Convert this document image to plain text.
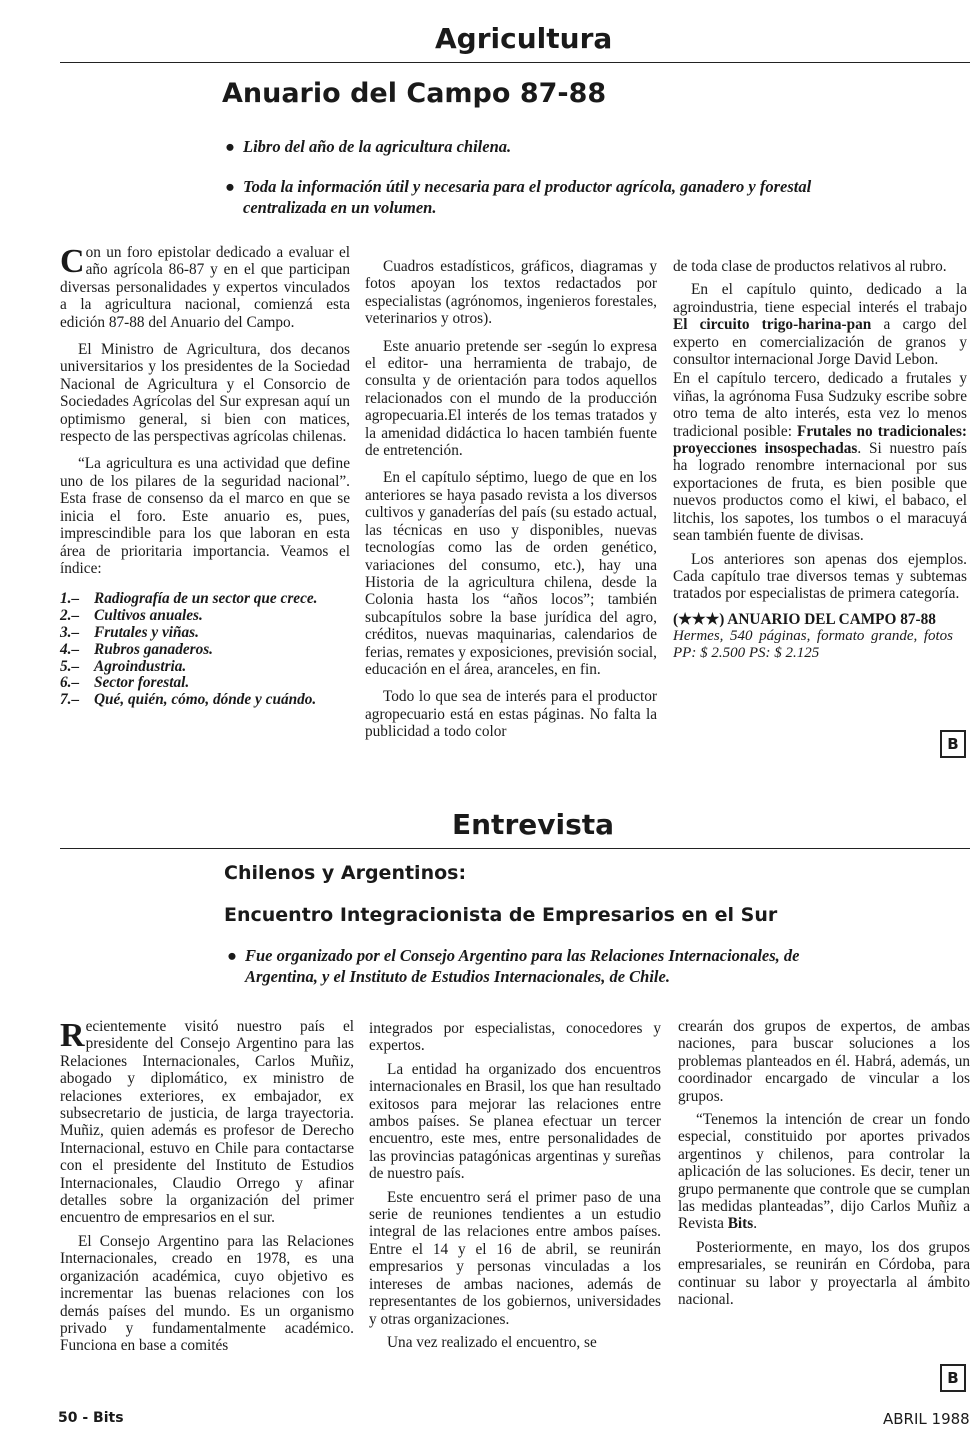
Agricultura
Anuario del Campo 87-88
● Libro del año de la agricultura chilena.
● Toda la información útil y necesaria para el productor agrícola, ganadero y forestal centralizada en un volumen.

Con un foro epistolar dedicado a evaluar el año agrícola 86-87 y en el que participan diversas personalidades y expertos vinculados a la agricultura nacional, comienzá esta edición 87-88 del Anuario del Campo.

El Ministro de Agricultura, dos decanos universitarios y los presidentes de la Sociedad Nacional de Agricultura y el Consorcio de Sociedades Agrícolas del Sur expresan aquí un optimismo general, si bien con matices, respecto de las perspectivas agrícolas chilenas.

“La agricultura es una actividad que define uno de los pilares de la seguridad nacional”. Esta frase de consenso da el marco en que se inicia el foro. Este anuario es, pues, imprescindible para los que laboran en esta área de prioritaria importancia. Veamos el índice:

1.– Radiografía de un sector que crece.
2.– Cultivos anuales.
3.– Frutales y viñas.
4.– Rubros ganaderos.
5.– Agroindustria.
6.– Sector forestal.
7.– Qué, quién, cómo, dónde y cuándo.

Cuadros estadísticos, gráficos, diagramas y fotos apoyan los textos redactados por especialistas (agrónomos, ingenieros forestales, veterinarios y otros).

Este anuario pretende ser -según lo expresa el editor- una herramienta de trabajo, de consulta y de orientación para todos aquellos relacionados con el mundo de la producción agropecuaria.El interés de los temas tratados y la amenidad didáctica lo hacen también fuente de entretención.

En el capítulo séptimo, luego de que en los anteriores se haya pasado revista a los diversos cultivos y ganaderías del país (su estado actual, las técnicas en uso y disponibles, nuevas tecnologías como las de orden genético, variaciones del consumo, etc.), hay una Historia de la agricultura chilena, desde la Colonia hasta los “años locos”; también subcapítulos sobre la base jurídica del agro, créditos, nuevas maquinarias, calendarios de ferias, remates y exposiciones, previsión social, educación en el área, aranceles, en fin.

Todo lo que sea de interés para el productor agropecuario está en estas páginas. No falta la publicidad a todo color

de toda clase de productos relativos al rubro.

En el capítulo quinto, dedicado a la agroindustria, tiene especial interés el trabajo El circuito trigo-harina-pan a cargo del experto en comercialización de granos y consultor internacional Jorge David Lebon.

En el capítulo tercero, dedicado a frutales y viñas, la agrónoma Fusa Sudzuky escribe sobre otro tema de alto interés, esta vez lo menos tradicional posible: Frutales no tradicionales: proyecciones insospechadas. Si nuestro país ha logrado renombre internacional por sus exportaciones de fruta, es bien posible que nuevos productos como el kiwi, el babaco, el litchis, los sapotes, los tumbos o el maracuyá sean también fuente de divisas.

Los anteriores son apenas dos ejemplos. Cada capítulo trae diversos temas y subtemas tratados por especialistas de primera categoría.

(★★★) ANUARIO DEL CAMPO 87-88
Hermes, 540 páginas, formato grande, fotos PP: $ 2.500 PS: $ 2.125
B
Entrevista
Chilenos y Argentinos:
Encuentro Integracionista de Empresarios en el Sur
● Fue organizado por el Consejo Argentino para las Relaciones Internacionales, de Argentina, y el Instituto de Estudios Internacionales, de Chile.

Recientemente visitó nuestro país el presidente del Consejo Argentino para las Relaciones Internacionales, Carlos Muñiz, abogado y diplomático, ex ministro de relaciones exteriores, ex embajador, ex subsecretario de justicia, de larga trayectoria. Muñiz, quien además es profesor de Derecho Internacional, estuvo en Chile para contactarse con el presidente del Instituto de Estudios Internacionales, Claudio Orrego y afinar detalles sobre la organización del primer encuentro de empresarios en el sur.

El Consejo Argentino para las Relaciones Internacionales, creado en 1978, es una organización académica, cuyo objetivo es incrementar las buenas relaciones con los demás países del mundo. Es un organismo privado y fundamentalmente académico. Funciona en base a comités

integrados por especialistas, conocedores y expertos.

La entidad ha organizado dos encuentros internacionales en Brasil, los que han resultado exitosos para mejorar las relaciones entre ambos países. Se planea efectuar un tercer encuentro, este mes, entre personalidades de las provincias patagónicas argentinas y sureñas de nuestro país.

Este encuentro será el primer paso de una serie de reuniones tendientes a un estudio integral de las relaciones entre ambos países. Entre el 14 y el 16 de abril, se reunirán empresarios y personas vinculadas a los intereses de ambas naciones, además de representantes de los gobiernos, universidades y otras organizaciones.

Una vez realizado el encuentro, se

crearán dos grupos de expertos, de ambas naciones, para buscar soluciones a los problemas planteados en él. Habrá, además, un coordinador encargado de vincular a los grupos.

“Tenemos la intención de crear un fondo especial, constituido por aportes privados argentinos y chilenos, para controlar la aplicación de las soluciones. Es decir, tener un grupo permanente que controle que se cumplan las medidas planteadas”, dijo Carlos Muñiz a Revista Bits.

Posteriormente, en mayo, los dos grupos empresariales, se reunirán en Córdoba, para continuar su labor y proyectarla al ámbito nacional.

B
50 - Bits	ABRIL 1988
